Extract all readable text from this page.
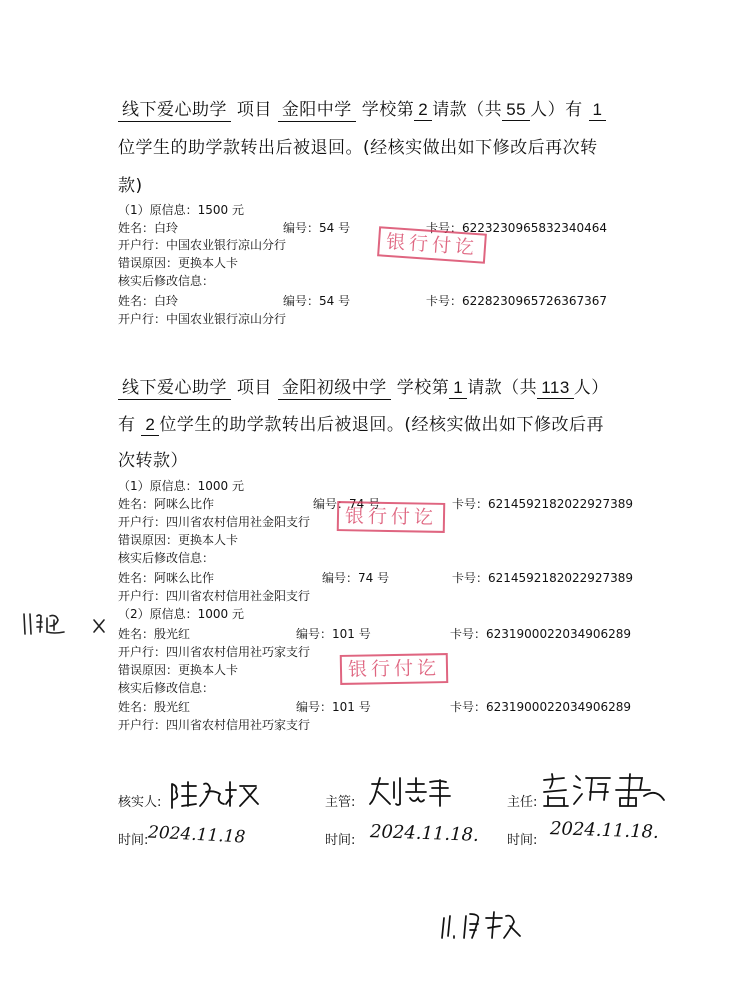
线下爱心助学 项目 金阳中学 学校第 2 请款（共 55 人）有 1
位学生的助学款转出后被退回。(经核实做出如下修改后再次转
款)
（1）原信息：1500 元
姓名：白玲	编号：54 号	卡号：6223230965832340464
开户行：中国农业银行凉山分行
错误原因：更换本人卡
核实后修改信息：
姓名：白玲	编号：54 号	卡号：6228230965726367367
开户行：中国农业银行凉山分行
银行付讫
线下爱心助学 项目 金阳初级中学 学校第 1 请款（共 113 人）
有 2 位学生的助学款转出后被退回。(经核实做出如下修改后再
次转款）
（1）原信息：1000 元
姓名：阿咪么比作	编号：74 号	卡号：6214592182022927389
开户行：四川省农村信用社金阳支行
错误原因：更换本人卡
核实后修改信息：
姓名：阿咪么比作	编号：74 号	卡号：6214592182022927389
开户行：四川省农村信用社金阳支行
银行付讫
（2）原信息：1000 元
姓名：殷光红	编号：101 号	卡号：6231900022034906289
开户行：四川省农村信用社巧家支行
错误原因：更换本人卡
核实后修改信息：
姓名：殷光红	编号：101 号	卡号：6231900022034906289
开户行：四川省农村信用社巧家支行
银行付讫
核实人:	主管:	主任:
时间: 2024.11.18	时间: 2024.11.18. 时间: 2024.11.18.
